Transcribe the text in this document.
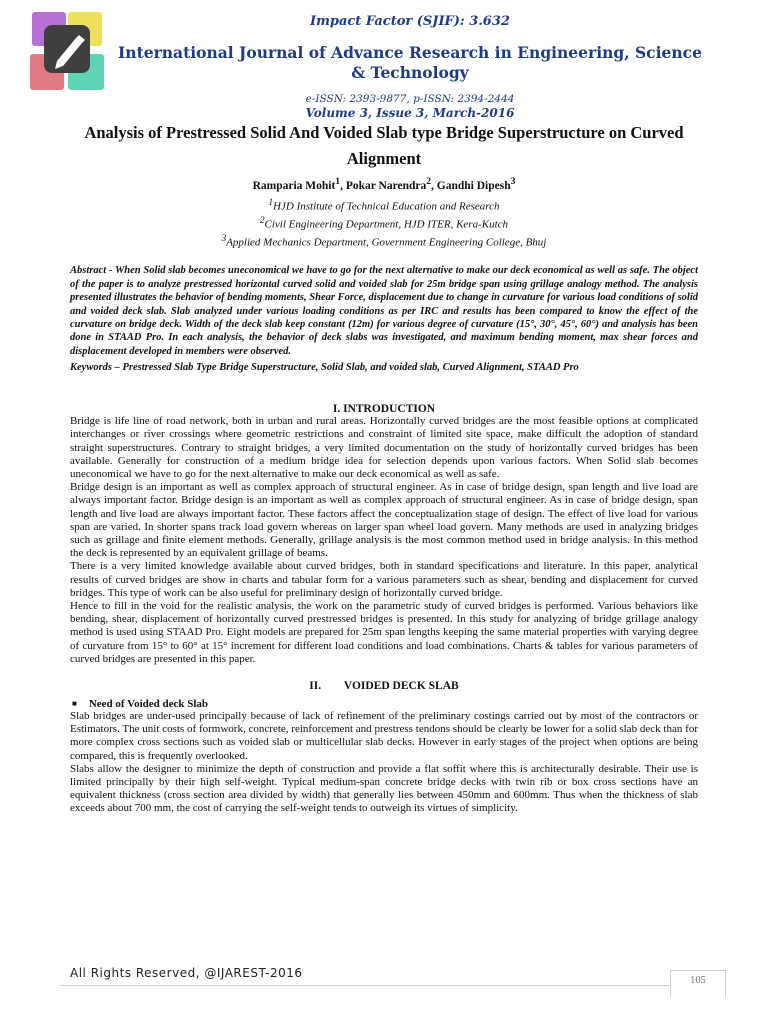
Impact Factor (SJIF): 3.632
International Journal of Advance Research in Engineering, Science & Technology
e-ISSN: 2393-9877, p-ISSN: 2394-2444
Volume 3, Issue 3, March-2016
Analysis of Prestressed Solid And Voided Slab type Bridge Superstructure on Curved Alignment
Ramparia Mohit$^1$, Pokar Narendra$^2$, Gandhi Dipesh$^3$
$^1$HJD Institute of Technical Education and Research
$^2$Civil Engineering Department, HJD ITER, Kera-Kutch
$^3$Applied Mechanics Department, Government Engineering College, Bhuj
Abstract - When Solid slab becomes uneconomical we have to go for the next alternative to make our deck economical as well as safe. The object of the paper is to analyze prestressed horizontal curved solid and voided slab for 25m bridge span using grillage analogy method. The analysis presented illustrates the behavior of bending moments, Shear Force, displacement due to change in curvature for various load conditions of solid and voided deck slab. Slab analyzed under various loading conditions as per IRC and results has been compared to know the effect of the curvature on bridge deck. Width of the deck slab keep constant (12m) for various degree of curvature (15°, 30°, 45°, 60°) and analysis has been done in STAAD Pro. In each analysis, the behavior of deck slabs was investigated, and maximum bending moment, max shear forces and displacement developed in members were observed.
Keywords – Prestressed Slab Type Bridge Superstructure, Solid Slab, and voided slab, Curved Alignment, STAAD Pro
I. INTRODUCTION

Bridge is life line of road network, both in urban and rural areas. Horizontally curved bridges are the most feasible options at complicated interchanges or river crossings where geometric restrictions and constraint of limited site space, make difficult the adoption of standard straight superstructures. Contrary to straight bridges, a very limited documentation on the study of horizontally curved bridges has been available. Generally for construction of a medium bridge idea for selection depends upon various factors. When Solid slab becomes uneconomical we have to go for the next alternative to make our deck economical as well as safe.

Bridge design is an important as well as complex approach of structural engineer. As in case of bridge design, span length and live load are always important factor. Bridge design is an important as well as complex approach of structural engineer. As in case of bridge design, span length and live load are always important factor. These factors affect the conceptualization stage of design. The effect of live load for various span are varied. In shorter spans track load govern whereas on larger span wheel load govern. Many methods are used in analyzing bridges such as grillage and finite element methods. Generally, grillage analysis is the most common method used in bridge analysis. In this method the deck is represented by an equivalent grillage of beams.

There is a very limited knowledge available about curved bridges, both in standard specifications and literature. In this paper, analytical results of curved bridges are show in charts and tabular form for a various parameters such as shear, bending and displacement for curved bridges. This type of work can be also useful for preliminary design of horizontally curved bridge.

Hence to fill in the void for the realistic analysis, the work on the parametric study of curved bridges is performed. Various behaviors like bending, shear, displacement of horizontally curved prestressed bridges is presented. In this study for analyzing of bridge grillage analogy method is used using STAAD Pro. Eight models are prepared for 25m span lengths keeping the same material properties with varying degree of curvature from 15° to 60° at 15° increment for different load conditions and load combinations. Charts & tables for various parameters of curved bridges are presented in this paper.

II.        VOIDED DECK SLAB
■ Need of Voided deck Slab

Slab bridges are under-used principally because of lack of refinement of the preliminary costings carried out by most of the contractors or Estimators. The unit costs of formwork, concrete, reinforcement and prestress tendons should be clearly be lower for a solid slab deck than for more complex cross sections such as voided slab or multicellular slab decks. However in early stages of the project when options are being compared, this is frequently overlooked.

Slabs allow the designer to minimize the depth of construction and provide a flat soffit where this is architecturally desirable. Their use is limited principally by their high self-weight. Typical medium-span concrete bridge decks with twin rib or box cross sections have an equivalent thickness (cross section area divided by width) that generally lies between 450mm and 600mm. Thus when the thickness of slab exceeds about 700 mm, the cost of carrying the self-weight tends to outweigh its virtues of simplicity.

All Rights Reserved, @IJAREST-2016
105
